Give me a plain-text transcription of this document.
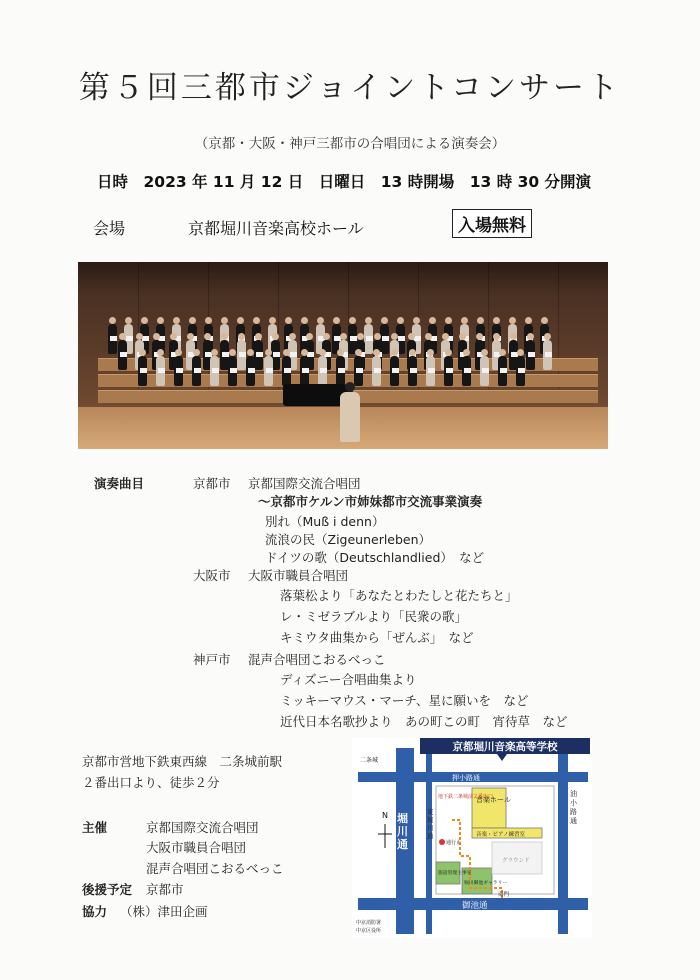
第５回三都市ジョイントコンサート
（京都・大阪・神戸三都市の合唱団による演奏会）
日時　2023 年 11 月 12 日　日曜日　13 時開場　13 時 30 分開演
会場	京都堀川音楽高校ホール	入場無料
演奏曲目	京都市 京都国際交流合唱団
～京都市ケルン市姉妹都市交流事業演奏
別れ（Muß i denn）
流浪の民（Zigeunerleben）
ドイツの歌（Deutschlandlied）　など
大阪市 大阪市職員合唱団
落葉松より「あなたとわたしと花たちと」
レ・ミゼラブルより「民衆の歌」
キミウタ曲集から「ぜんぶ」　など
神戸市 混声合唱団こおるべっこ
ディズニー合唱曲集より
ミッキーマウス・マーチ、星に願いを　など
近代日本名歌抄より　あの町この町　宵待草　など
京都市営地下鉄東西線　二条城前駅
２番出口より、徒歩２分
主催	京都国際交流合唱団
大阪市職員合唱団
混声合唱団こおるべっこ
後援予定 京都市
協力 （株）津田企画
京都堀川音楽高等学校
押小路通
御池通
N
音楽ホール
音楽・ピアノ練習室
グラウンド
地下鉄二条城前２番出口
通行止
施設管理主事室
堀川御池ギャラリー
南門
中京消防署
中京区役所
二条城
堀川通
東堀川通
油小路通
